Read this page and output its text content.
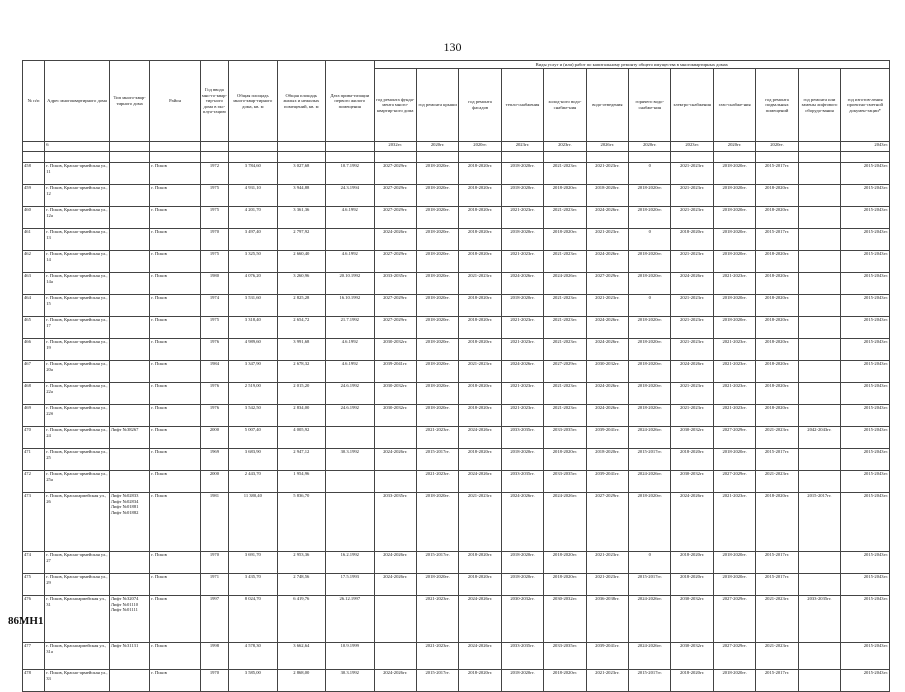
130
№ п/п	Адрес многоквартирного дома	Тип много-квар-тирного дома	Район	Год ввода мно-го-квар-тир-ного дома в экс-плуа-тацию	Общая площадь много-квар-тирного дома, кв. м	Общая площадь жилых и нежилых помещений, кв. м	Дата прива-тизации первого жилого помещения	Виды услуг и (или) работ по капитальному ремонту общего имущества в многоквартирных домах											
								год ремонта фунда-мента много-квартир-ного дома	год ремонта крыши	год ремонта фасадов	тепло-снабжения	холод-ного водо-снабже-ния	водо-отведения	горячего водо-снабже-ния	электро-снабжения	газо-снабже-ния	год ремонта подвальных помещений	год ремонта или замены лифтового оборудо-вания	год изготов-ления проектно-сметной докумен-тации*
	6							2032гг.	2020гг.	2020гг.	2023гг.	2023гг.	2026гг.	2020гг.	2023гг.	2020гг.	2020гг.		2043гг.

458	г. Псков, Красно-армейская ул., 11		г. Псков	1972	3 784,60	3 027,68	10.7.1992	2027-2029гг.	2018-2020гг.	2018-2020гг.	2018-2020гг.	2021-2023гг.	2021-2023гг.	0	2021-2023гг.	2018-2020гг.	2015-2017гг.		2015-2043гг.
459	г. Псков, Красно-армейская ул., 12		г. Псков	1975	4 931,10	3 944,88	24.3.1994	2027-2029гг.	2018-2020гг.	2018-2020гг.	2018-2020гг.	2018-2020гг.	2018-2020гг.	2018-2020гг.	2021-2023гг.	2018-2020гг.	2018-2020гг.		2015-2043гг.
460	г. Псков, Красно-армейская ул., 12а		г. Псков	1975	4 201,70	3 361,36	4.6.1992	2027-2029гг.	2018-2020гг.	2018-2020гг.	2021-2023гг.	2021-2023гг.	2024-2026гг.	2018-2020гг.	2021-2023гг.	2018-2020гг.	2018-2020гг.		2015-2043гг.
461	г. Псков, Красно-армейская ул., 13		г. Псков	1970	3 497,40	2 797,92		2024-2026гг.	2018-2020гг.	2018-2020гг.	2018-2020гг.	2018-2020гг.	2021-2023гг.	0	2018-2020гг.	2018-2020гг.	2015-2017гг.		2015-2043гг.
462	г. Псков, Красно-армейская ул., 14		г. Псков	1975	3 325,50	2 660,40	4.6.1992	2027-2029гг.	2018-2020гг.	2018-2020гг.	2021-2023гг.	2021-2023гг.	2024-2026гг.	2018-2020гг.	2021-2023гг.	2018-2020гг.	2018-2020гг.		2015-2043гг.
463	г. Псков, Красно-армейская ул., 14а		г. Псков	1980	4 076,20	3 260,96	20.10.1992	2033-2035гг.	2018-2020гг.	2021-2023гг.	2024-2026гг.	2024-2026гг.	2027-2029гг.	2018-2020гг.	2024-2026гг.	2021-2023гг.	2018-2020гг.		2015-2043гг.
464	г. Псков, Красно-армейская ул., 15		г. Псков	1974	3 531,60	2 825,28	16.10.1992	2027-2029гг.	2018-2020гг.	2018-2020гг.	2018-2020гг.	2021-2023гг.	2021-2023гг.	0	2021-2023гг.	2018-2020гг.	2018-2020гг.		2015-2043гг.
465	г. Псков, Красно-армейская ул., 17		г. Псков	1975	3 318,40	2 654,72	21.7.1992	2027-2029гг.	2018-2020гг.	2018-2020гг.	2021-2023гг.	2021-2023гг.	2024-2026гг.	2018-2020гг.	2021-2023гг.	2018-2020гг.	2018-2020гг.		2015-2043гг.
466	г. Псков, Красно-армейская ул., 19		г. Псков	1976	4 989,60	3 991,68	4.6.1992	2030-2032гг.	2018-2020гг.	2018-2020гг.	2021-2023гг.	2021-2023гг.	2024-2026гг.	2018-2020гг.	2021-2023гг.	2021-2023гг.	2018-2020гг.		2015-2043гг.
467	г. Псков, Красно-армейская ул., 20а		г. Псков	1984	3 347,90	2 678,32	4.6.1992	2039-2041гг.	2018-2020гг.	2021-2023гг.	2024-2026гг.	2027-2029гг.	2030-2032гг.	2018-2020гг.	2024-2026гг.	2021-2023гг.	2018-2020гг.		2015-2043гг.
468	г. Псков, Красно-армейская ул., 22а		г. Псков	1976	2 519,00	2 015,20	24.6.1992	2030-2032гг.	2018-2020гг.	2018-2020гг.	2021-2023гг.	2021-2023гг.	2024-2026гг.	2018-2020гг.	2021-2023гг.	2021-2023гг.	2018-2020гг.		2015-2043гг.
469	г. Псков, Красно-армейская ул., 22б		г. Псков	1976	3 542,50	2 834,00	24.6.1992	2030-2032гг.	2018-2020гг.	2018-2020гг.	2021-2023гг.	2021-2023гг.	2024-2026гг.	2018-2020гг.	2021-2023гг.	2021-2023гг.	2018-2020гг.		2015-2043гг.
470	г. Псков, Красно-армейская ул., 24	Лифт №38267	г. Псков	2000	5 007,40	4 005,92			2021-2023гг.	2024-2026гг.	2033-2035гг.	2033-2035гг.	2039-2041гг.	2024-2026гг.	2030-2032гг.	2027-2029гг.	2021-2023гг.	2042-2043гг.	2015-2043гг.
471	г. Псков, Красно-армейская ул., 25		г. Псков	1969	3 683,90	2 947,12	30.3.1992	2024-2026гг.	2015-2017гг.	2018-2020гг.	2018-2020гг.	2018-2020гг.	2018-2020гг.	2015-2017гг.	2018-2020гг.	2018-2020гг.	2015-2017гг.		2015-2043гг.
472	г. Псков, Красно-армейская ул., 25а		г. Псков	2000	2 443,70	1 954,96			2021-2023гг.	2024-2026гг.	2033-2035гг.	2033-2035гг.	2039-2041гг.	2024-2026гг.	2030-2032гг.	2027-2029гг.	2021-2023гг.		2015-2043гг.
473	г. Псков, Красноармейская ул., 26	Лифт №02833 Лифт №02834 Лифт №01881 Лифт №01882	г. Псков	1981	11 380,40	5 836,70		2033-2035гг.	2018-2020гг.	2021-2023гг.	2024-2026гг.	2024-2026гг.	2027-2029гг.	2018-2020гг.	2024-2026гг.	2021-2023гг.	2018-2020гг.	2015-2017гг.	2015-2043гг.
474	г. Псков, Красно-армейская ул., 27		г. Псков	1970	3 691,70	2 953,36	16.2.1992	2024-2026гг.	2015-2017гг.	2018-2020гг.	2018-2020гг.	2018-2020гг.	2021-2023гг.	0	2018-2020гг.	2018-2020гг.	2015-2017гг.		2015-2043гг.
475	г. Псков, Красно-армейская ул., 29		г. Псков	1971	3 435,70	2 748,56	17.5.1993	2024-2026гг.	2018-2020гг.	2018-2020гг.	2018-2020гг.	2018-2020гг.	2021-2023гг.	2015-2017гг.	2018-2020гг.	2018-2020гг.	2015-2017гг.		2015-2043гг.
476	г. Псков, Красноармейская ул., 31	Лифт №32074 Лифт №01110 Лифт №01111	г. Псков	1997	8 024,70	6 419,76	26.12.1997		2021-2023гг.	2024-2026гг.	2030-2032гг.	2030-2032гг.	2036-2038гг.	2024-2026гг.	2030-2032гг.	2027-2029гг.	2021-2023гг.	2033-2035гг.	2015-2043гг.
477	г. Псков, Красноармейская ул., 31а	Лифт №31131	г. Псков	1998	4 578,30	3 662,64	10.9.1999		2021-2023гг.	2024-2026гг.	2033-2035гг.	2033-2035гг.	2039-2041гг.	2024-2026гг.	2030-2032гг.	2027-2029гг.	2021-2023гг.		2015-2043гг.
478	г. Псков, Красно-армейская ул., 33		г. Псков	1970	3 585,00	2 868,00	30.3.1992	2024-2026гг.	2015-2017гг.	2018-2020гг.	2018-2020гг.	2018-2020гг.	2021-2023гг.	2015-2017гг.	2018-2020гг.	2018-2020гг.	2015-2017гг.		2015-2043гг.
86MH1
